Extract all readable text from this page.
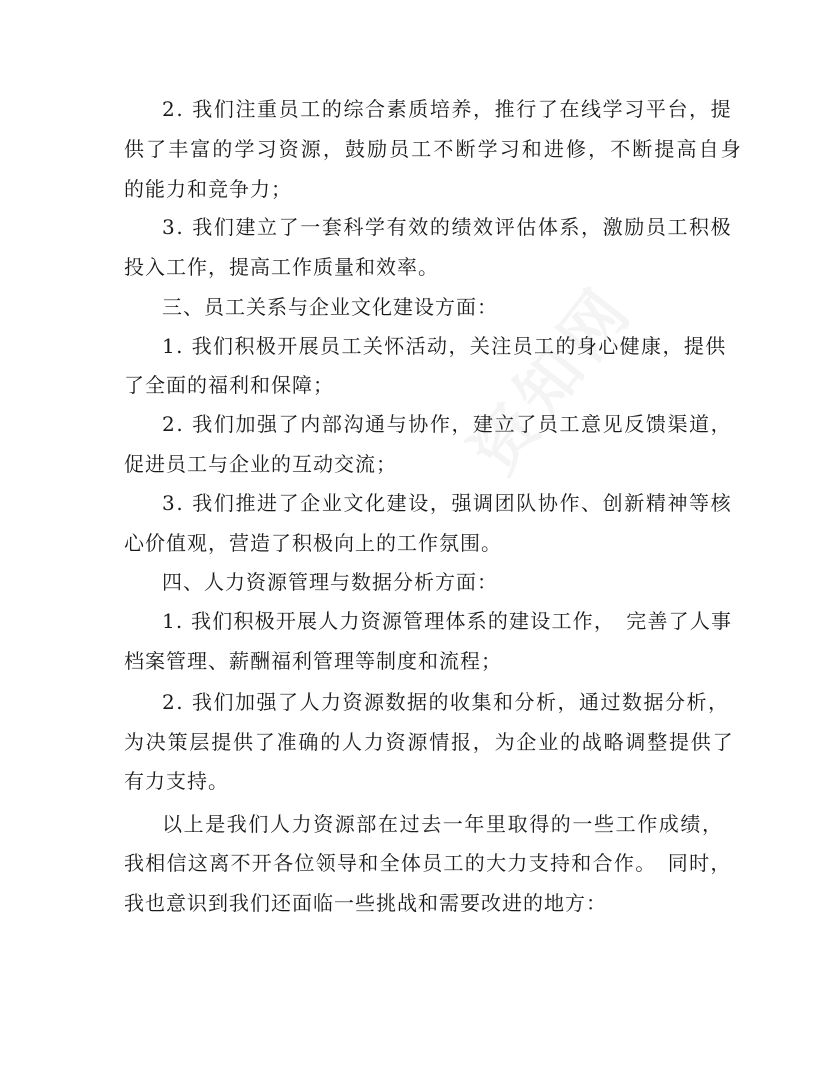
2. 我们注重员工的综合素质培养，推行了在线学习平台，提
供了丰富的学习资源，鼓励员工不断学习和进修，不断提高自身
的能力和竞争力；
3. 我们建立了一套科学有效的绩效评估体系，激励员工积极
投入工作，提高工作质量和效率。
三、员工关系与企业文化建设方面：
1. 我们积极开展员工关怀活动，关注员工的身心健康，提供
了全面的福利和保障；
2. 我们加强了内部沟通与协作，建立了员工意见反馈渠道，
促进员工与企业的互动交流；
3. 我们推进了企业文化建设，强调团队协作、创新精神等核
心价值观，营造了积极向上的工作氛围。
四、人力资源管理与数据分析方面：
1. 我们积极开展人力资源管理体系的建设工作，　完善了人事
档案管理、薪酬福利管理等制度和流程；
2. 我们加强了人力资源数据的收集和分析，通过数据分析，
为决策层提供了准确的人力资源情报，为企业的战略调整提供了
有力支持。
以上是我们人力资源部在过去一年里取得的一些工作成绩，
我相信这离不开各位领导和全体员工的大力支持和合作。　同时，
我也意识到我们还面临一些挑战和需要改进的地方：
